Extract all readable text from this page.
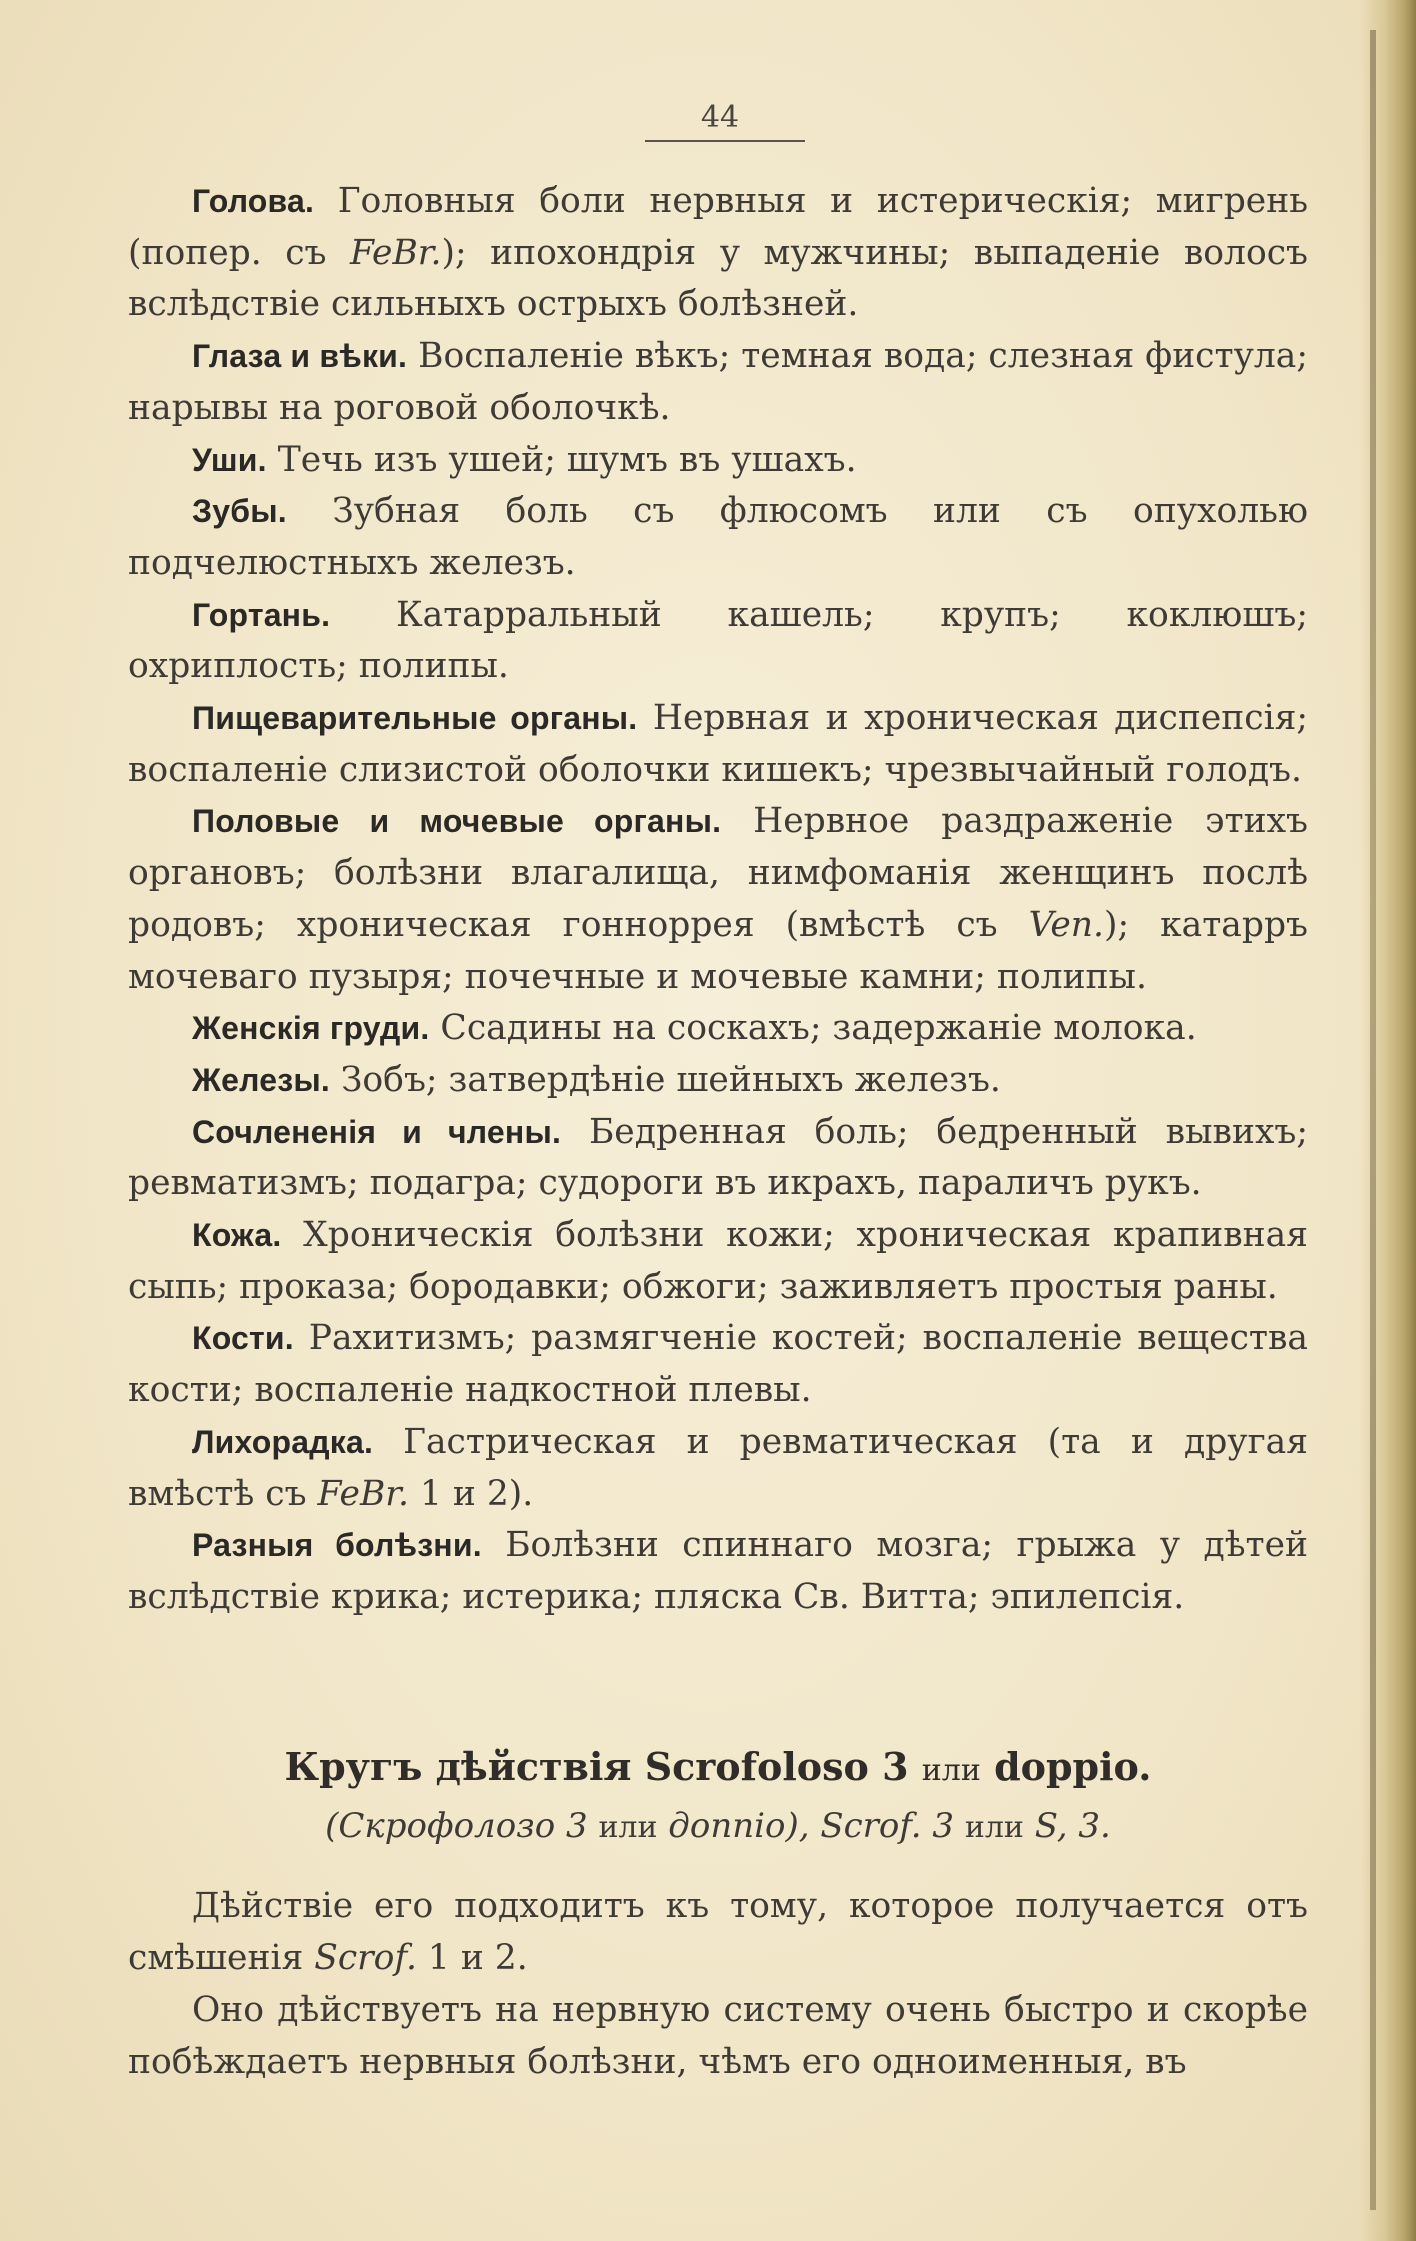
44

Голова. Головныя боли нервныя и истерическія; мигрень (попер. съ FeBr.); ипохондрія у мужчины; выпаденіе волосъ вслѣдствіе сильныхъ острыхъ болѣзней.

Глаза и вѣки. Воспаленіе вѣкъ; темная вода; слезная фистула; нарывы на роговой оболочкѣ.

Уши. Течь изъ ушей; шумъ въ ушахъ.

Зубы. Зубная боль съ флюсомъ или съ опухолью подчелюстныхъ железъ.

Гортань. Катарральный кашель; крупъ; коклюшъ; охриплость; полипы.

Пищеварительные органы. Нервная и хроническая диспепсія; воспаленіе слизистой оболочки кишекъ; чрезвычайный голодъ.

Половые и мочевые органы. Нервное раздраженіе этихъ органовъ; болѣзни влагалища, нимфоманія женщинъ послѣ родовъ; хроническая гонноррея (вмѣстѣ съ Ven.); катарръ мочеваго пузыря; почечные и мочевые камни; полипы.

Женскія груди. Ссадины на соскахъ; задержаніе молока.

Железы. Зобъ; затвердѣніе шейныхъ железъ.

Сочлененія и члены. Бедренная боль; бедренный вывихъ; ревматизмъ; подагра; судороги въ икрахъ, параличъ рукъ.

Кожа. Хроническія болѣзни кожи; хроническая крапивная сыпь; проказа; бородавки; обжоги; заживляетъ простыя раны.

Кости. Рахитизмъ; размягченіе костей; воспаленіе вещества кости; воспаленіе надкостной плевы.

Лихорадка. Гастрическая и ревматическая (та и другая вмѣстѣ съ FeBr. 1 и 2).

Разныя болѣзни. Болѣзни спиннаго мозга; грыжа у дѣтей вслѣдствіе крика; истерика; пляска Св. Витта; эпилепсія.

Кругъ дѣйствія Scrofoloso 3 или doppio.
(Скрофолозо 3 или доппіо), Scrof. 3 или S, 3.

Дѣйствіе его подходитъ къ тому, которое получается отъ смѣшенія Scrof. 1 и 2.

Оно дѣйствуетъ на нервную систему очень быстро и скорѣе побѣждаетъ нервныя болѣзни, чѣмъ его одноименныя, въ
